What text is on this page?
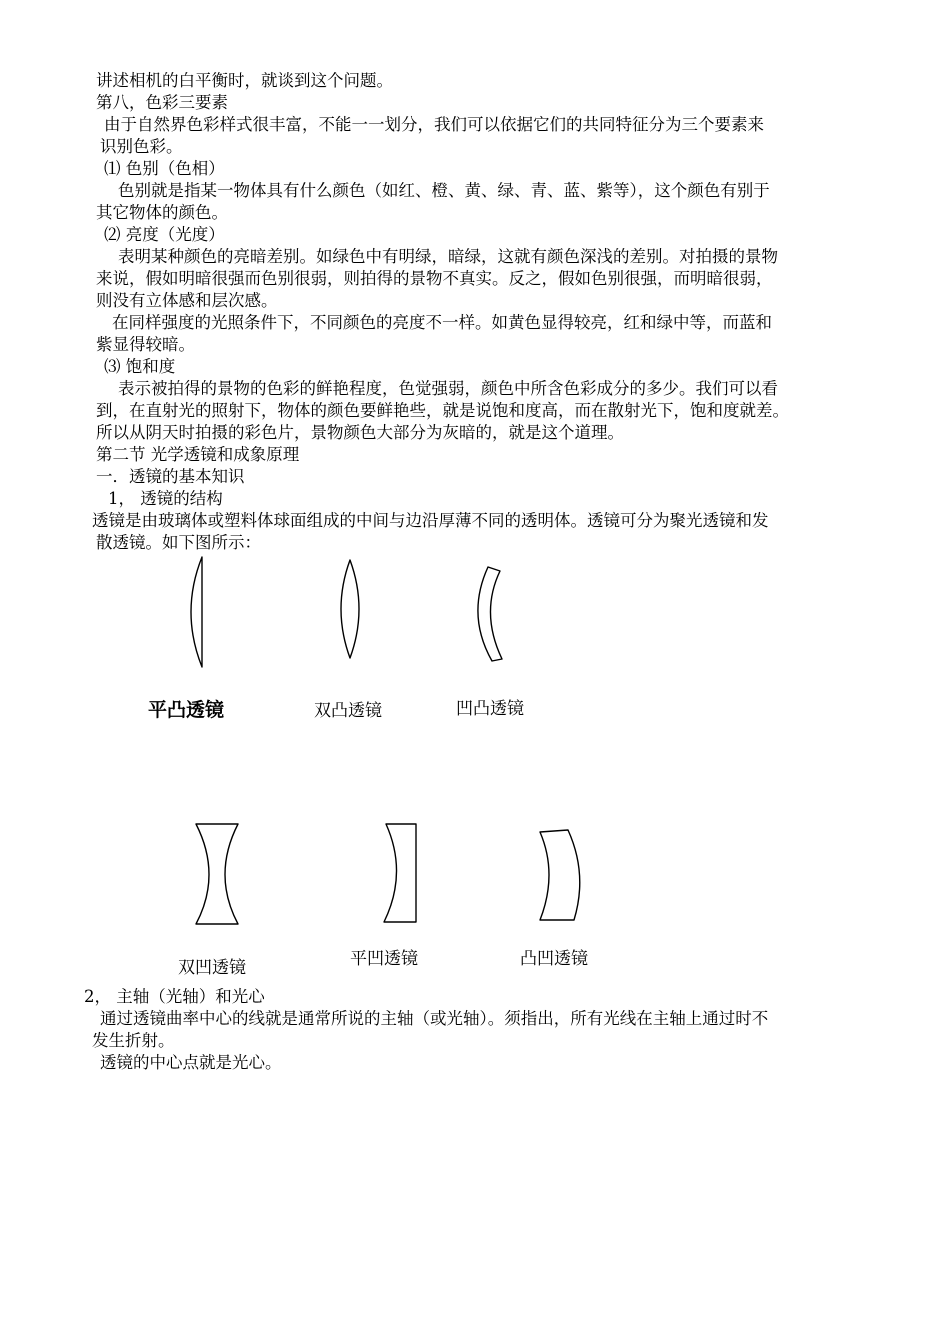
讲述相机的白平衡时，就谈到这个问题。
第八，色彩三要素
由于自然界色彩样式很丰富，不能一一划分，我们可以依据它们的共同特征分为三个要素来
识别色彩。
⑴ 色别（色相）
色别就是指某一物体具有什么颜色（如红、橙、黄、绿、青、蓝、紫等），这个颜色有别于
其它物体的颜色。
⑵ 亮度（光度）
表明某种颜色的亮暗差别。如绿色中有明绿，暗绿，这就有颜色深浅的差别。对拍摄的景物
来说，假如明暗很强而色别很弱，则拍得的景物不真实。反之，假如色别很强，而明暗很弱，
则没有立体感和层次感。
在同样强度的光照条件下，不同颜色的亮度不一样。如黄色显得较亮，红和绿中等，而蓝和
紫显得较暗。
⑶ 饱和度
表示被拍得的景物的色彩的鲜艳程度，色觉强弱，颜色中所含色彩成分的多少。我们可以看
到，在直射光的照射下，物体的颜色要鲜艳些，就是说饱和度高，而在散射光下，饱和度就差。
所以从阴天时拍摄的彩色片，景物颜色大部分为灰暗的，就是这个道理。
第二节 光学透镜和成象原理
一．透镜的基本知识
1， 透镜的结构
透镜是由玻璃体或塑料体球面组成的中间与边沿厚薄不同的透明体。透镜可分为聚光透镜和发
散透镜。如下图所示：
平凸透镜	双凸透镜	凹凸透镜
双凹透镜	平凹透镜	凸凹透镜
2， 主轴（光轴）和光心
通过透镜曲率中心的线就是通常所说的主轴（或光轴）。须指出，所有光线在主轴上通过时不
发生折射。
透镜的中心点就是光心。
